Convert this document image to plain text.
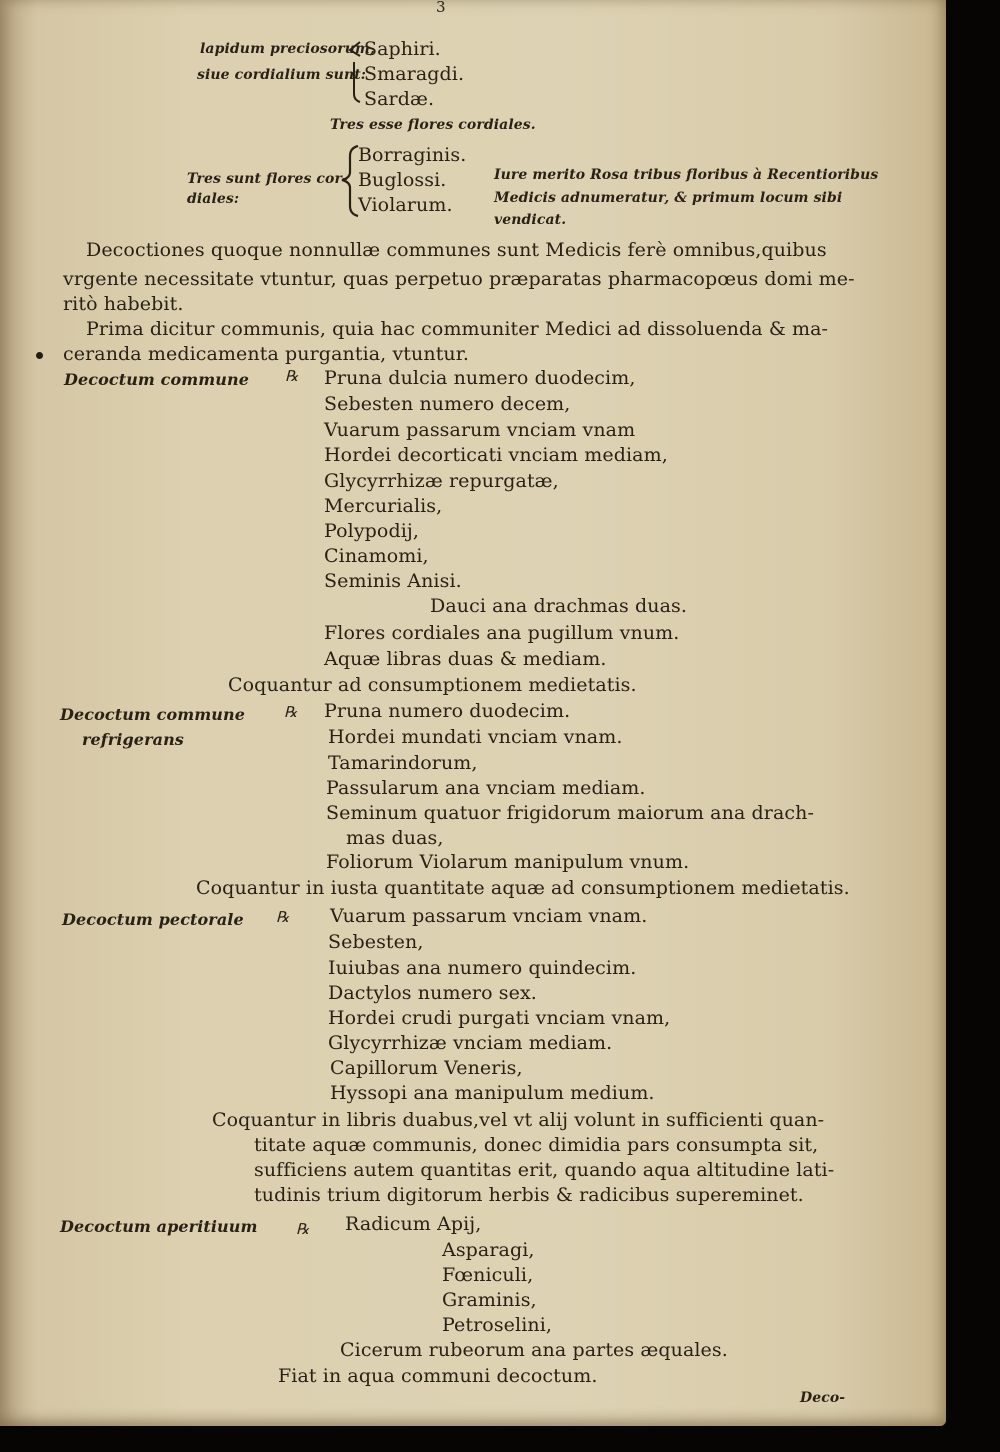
3
lapidum preciosorum,
siue cordialium sunt:
Saphiri.
Smaragdi.
Sardæ.
Tres esse flores cordiales.
Tres sunt flores cor-
diales:
Borraginis.
Buglossi.
Violarum.
Iure merito Rosa tribus floribus à Recentioribus
Medicis adnumeratur, & primum locum sibi
vendicat.
Decoctiones quoque nonnullæ communes sunt Medicis ferè omnibus,quibus
vrgente necessitate vtuntur, quas perpetuo præparatas pharmacopœus domi me-
ritò habebit.
Prima dicitur communis, quia hac communiter Medici ad dissoluenda & ma-
ceranda medicamenta purgantia, vtuntur.
Decoctum commune ℞ Pruna dulcia numero duodecim,
Sebesten numero decem,
Vuarum passarum vnciam vnam
Hordei decorticati vnciam mediam,
Glycyrrhizæ repurgatæ,
Mercurialis,
Polypodij,
Cinamomi,
Seminis Anisi.
Dauci ana drachmas duas.
Flores cordiales ana pugillum vnum.
Aquæ libras duas & mediam.
Coquantur ad consumptionem medietatis.
Decoctum commune
refrigerans
℞ Pruna numero duodecim.
Hordei mundati vnciam vnam.
Tamarindorum,
Passularum ana vnciam mediam.
Seminum quatuor frigidorum maiorum ana drach-
mas duas,
Foliorum Violarum manipulum vnum.
Coquantur in iusta quantitate aquæ ad consumptionem medietatis.
Decoctum pectorale ℞ Vuarum passarum vnciam vnam.
Sebesten,
Iuiubas ana numero quindecim.
Dactylos numero sex.
Hordei crudi purgati vnciam vnam,
Glycyrrhizæ vnciam mediam.
Capillorum Veneris,
Hyssopi ana manipulum medium.
Coquantur in libris duabus,vel vt alij volunt in sufficienti quan-
titate aquæ communis, donec dimidia pars consumpta sit,
sufficiens autem quantitas erit, quando aqua altitudine lati-
tudinis trium digitorum herbis & radicibus supereminet.
Decoctum aperitiuum	℞ Radicum Apij,
Asparagi,
Fœniculi,
Graminis,
Petroselini,
Cicerum rubeorum ana partes æquales.
Fiat in aqua communi decoctum.
Deco-
